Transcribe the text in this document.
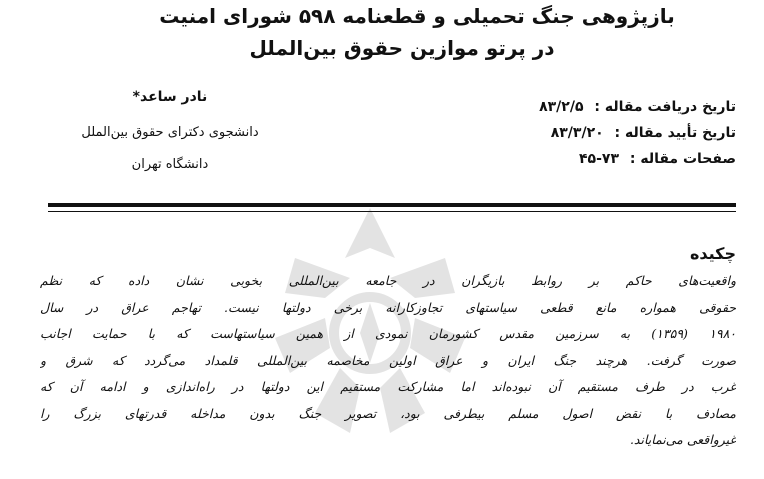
بازپژوهی جنگ تحمیلی و قطعنامه ۵۹۸ شورای امنیت
در پرتو موازین حقوق بین‌الملل
تاریخ دریافت مقاله : ۸۳/۲/۵
تاریخ تأیید مقاله : ۸۳/۳/۲۰
صفحات مقاله : ۷۳-۴۵
نادر ساعد*
دانشجوی دکترای حقوق بین‌الملل
دانشگاه تهران
چکیده
واقعیت‌های حاکم بر روابط بازیگران در جامعه بین‌المللی بخوبی نشان داده که نظم
حقوقی همواره مانع قطعی سیاستهای تجاوزکارانه برخی دولتها نیست. تهاجم عراق در سال
۱۹۸۰ (۱۳۵۹) به سرزمین مقدس کشورمان نمودی از همین سیاستهاست که با حمایت اجانب
صورت گرفت. هرچند جنگ ایران و عراق اولین مخاصمه بین‌المللی قلمداد می‌گردد که شرق و
غرب در طرف مستقیم آن نبوده‌اند اما مشارکت مستقیم این دولتها در راه‌اندازی و ادامه آن که
مصادف با نقض اصول مسلم بیطرفی بود، تصویر جنگ بدون مداخله قدرتهای بزرگ را
غیرواقعی می‌نمایاند.
